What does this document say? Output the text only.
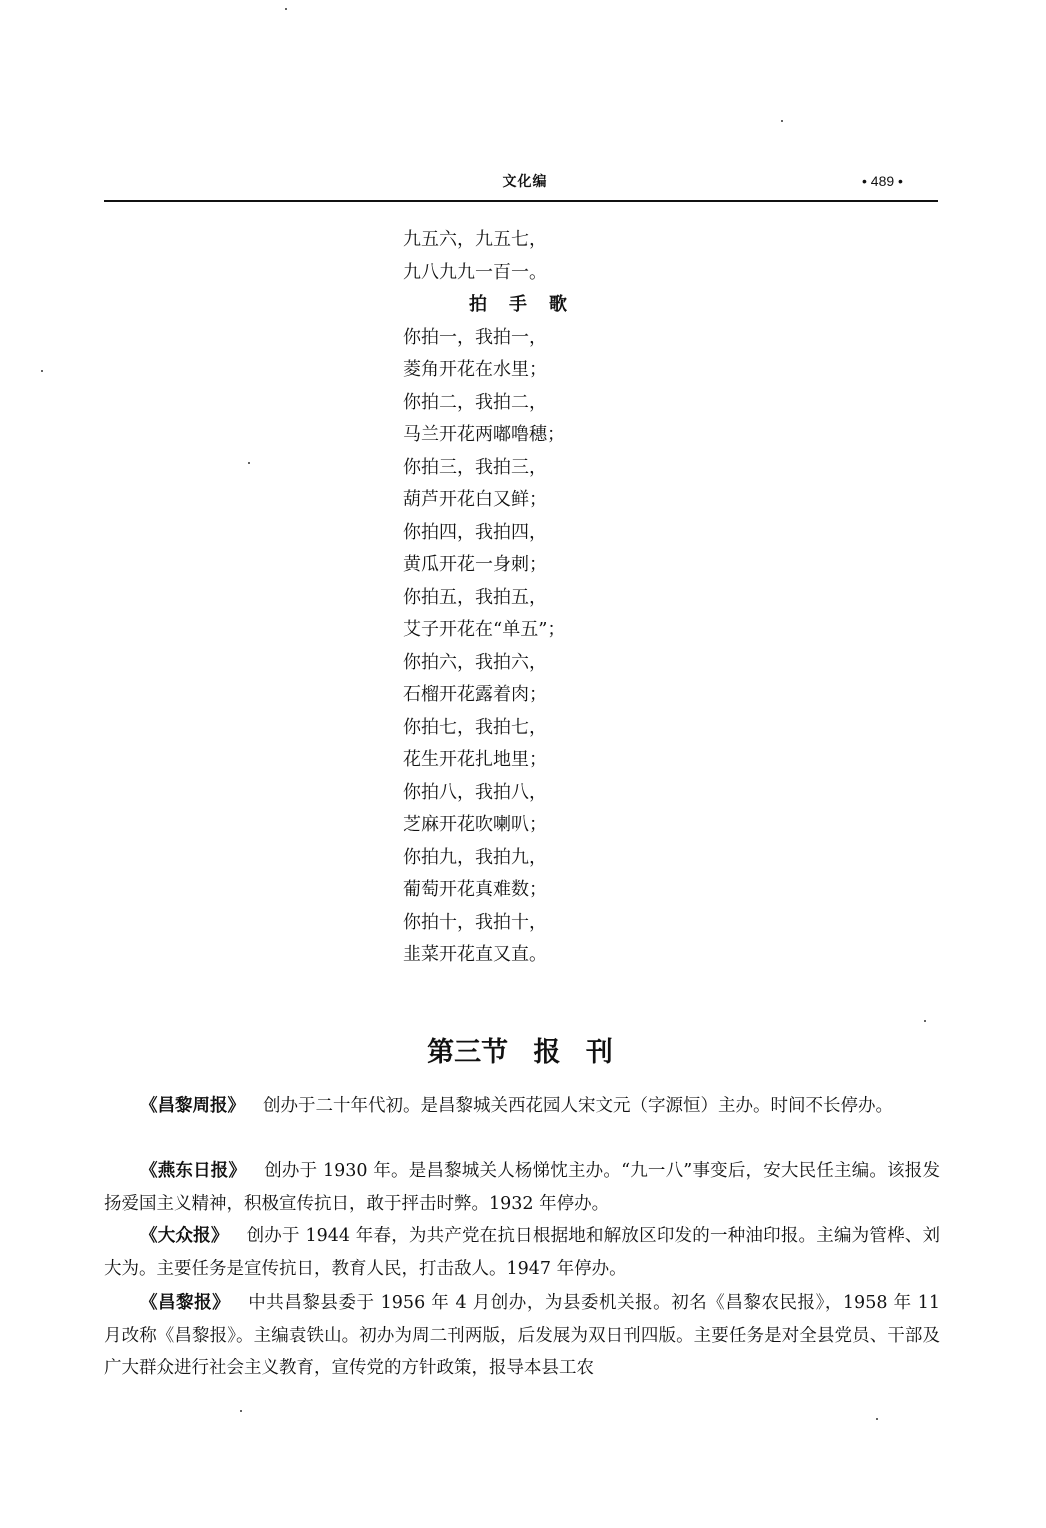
文化编	• 489 •
九五六，九五七，
九八九九一百一。
拍手歌
你拍一，我拍一，
菱角开花在水里；
你拍二，我拍二，
马兰开花两嘟噜穗；
你拍三，我拍三，
葫芦开花白又鲜；
你拍四，我拍四，
黄瓜开花一身刺；
你拍五，我拍五，
艾子开花在“单五”；
你拍六，我拍六，
石榴开花露着肉；
你拍七，我拍七，
花生开花扎地里；
你拍八，我拍八，
芝麻开花吹喇叭；
你拍九，我拍九，
葡萄开花真难数；
你拍十，我拍十，
韭菜开花直又直。
第三节 报 刊

《昌黎周报》 创办于二十年代初。是昌黎城关西花园人宋文元（字源恒）主办。时间不长停办。

《燕东日报》 创办于 1930 年。是昌黎城关人杨悌忱主办。“九一八”事变后，安大民任主编。该报发扬爱国主义精神，积极宣传抗日，敢于抨击时弊。1932 年停办。

《大众报》 创办于 1944 年春，为共产党在抗日根据地和解放区印发的一种油印报。主编为管桦、刘大为。主要任务是宣传抗日，教育人民，打击敌人。1947 年停办。

《昌黎报》 中共昌黎县委于 1956 年 4 月创办，为县委机关报。初名《昌黎农民报》，1958 年 11 月改称《昌黎报》。主编袁铁山。初办为周二刊两版，后发展为双日刊四版。主要任务是对全县党员、干部及广大群众进行社会主义教育，宣传党的方针政策，报导本县工农
